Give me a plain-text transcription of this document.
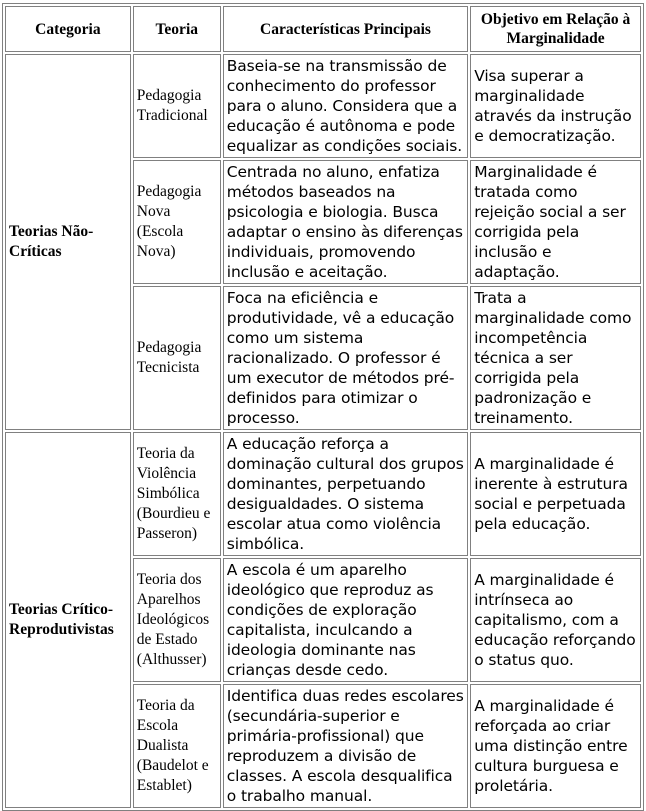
Categoria	Teoria	Características Principais	Objetivo em Relação à Marginalidade
Teorias Não-Críticas	Pedagogia Tradicional	Baseia-se na transmissão de conhecimento do professor para o aluno. Considera que a educação é autônoma e pode equalizar as condições sociais.	Visa superar a marginalidade através da instrução e democratização.
	Pedagogia Nova (Escola Nova)	Centrada no aluno, enfatiza métodos baseados na psicologia e biologia. Busca adaptar o ensino às diferenças individuais, promovendo inclusão e aceitação.	Marginalidade é tratada como rejeição social a ser corrigida pela inclusão e adaptação.
	Pedagogia Tecnicista	Foca na eficiência e produtividade, vê a educação como um sistema racionalizado. O professor é um executor de métodos pré-definidos para otimizar o processo.	Trata a marginalidade como incompetência técnica a ser corrigida pela padronização e treinamento.
Teorias Crítico-Reprodutivistas	Teoria da Violência Simbólica (Bourdieu e Passeron)	A educação reforça a dominação cultural dos grupos dominantes, perpetuando desigualdades. O sistema escolar atua como violência simbólica.	A marginalidade é inerente à estrutura social e perpetuada pela educação.
	Teoria dos Aparelhos Ideológicos de Estado (Althusser)	A escola é um aparelho ideológico que reproduz as condições de exploração capitalista, inculcando a ideologia dominante nas crianças desde cedo.	A marginalidade é intrínseca ao capitalismo, com a educação reforçando o status quo.
	Teoria da Escola Dualista (Baudelot e Establet)	Identifica duas redes escolares (secundária-superior e primária-profissional) que reproduzem a divisão de classes. A escola desqualifica o trabalho manual.	A marginalidade é reforçada ao criar uma distinção entre cultura burguesa e proletária.
